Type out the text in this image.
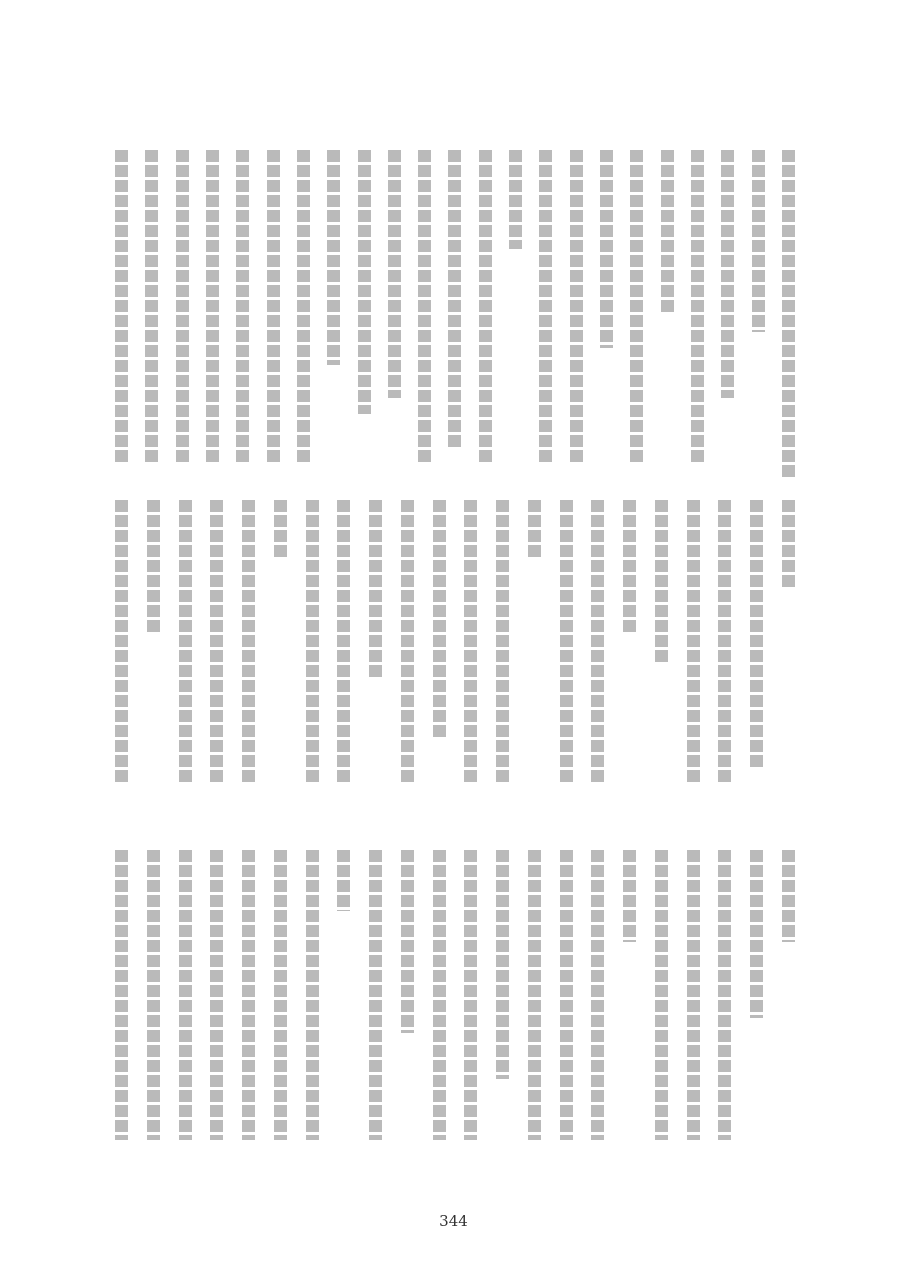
344
